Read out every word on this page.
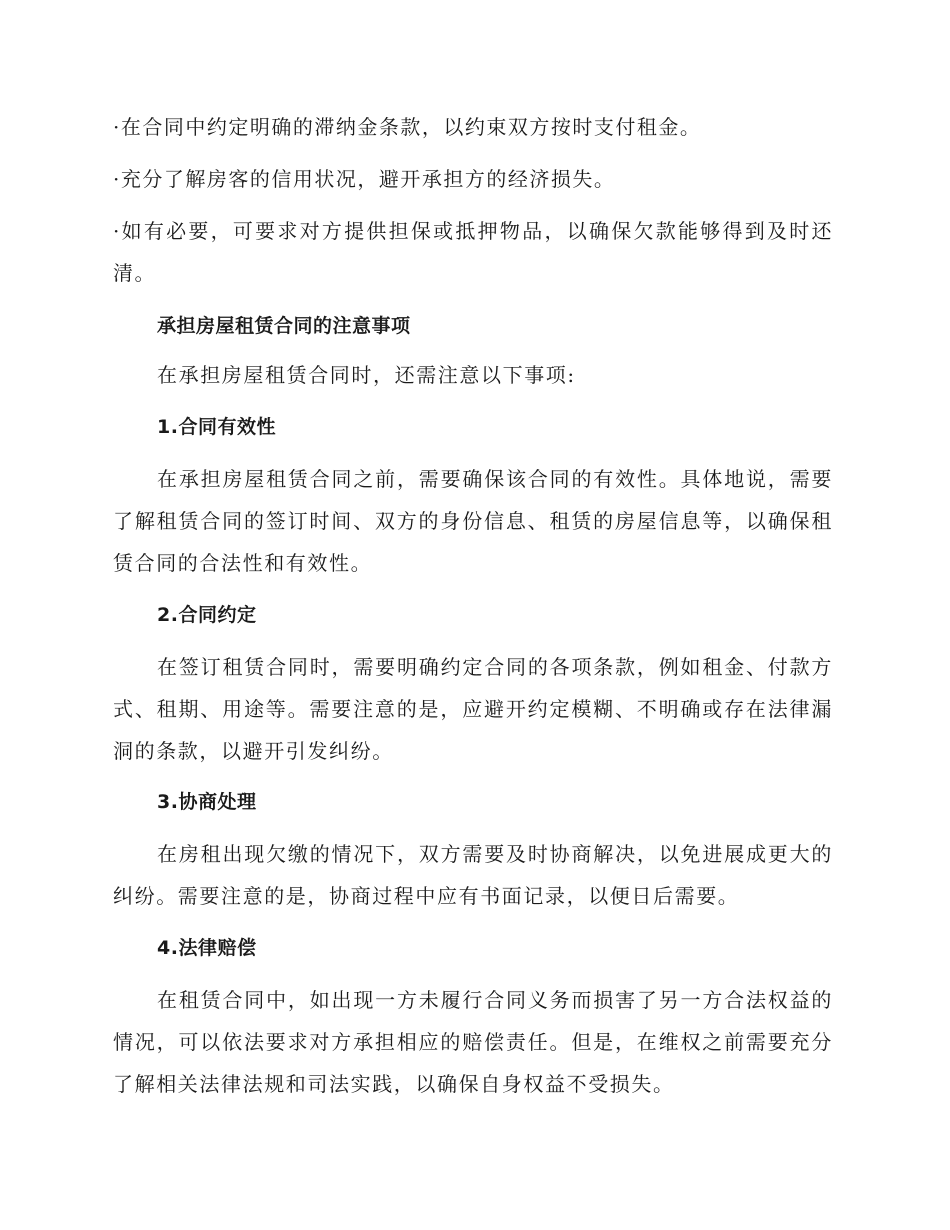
·在合同中约定明确的滞纳金条款，以约束双方按时支付租金。

·充分了解房客的信用状况，避开承担方的经济损失。

·如有必要，可要求对方提供担保或抵押物品，以确保欠款能够得到及时还清。

承担房屋租赁合同的注意事项

在承担房屋租赁合同时，还需注意以下事项:

1.合同有效性

在承担房屋租赁合同之前，需要确保该合同的有效性。具体地说，需要了解租赁合同的签订时间、双方的身份信息、租赁的房屋信息等，以确保租赁合同的合法性和有效性。

2.合同约定

在签订租赁合同时，需要明确约定合同的各项条款，例如租金、付款方式、租期、用途等。需要注意的是，应避开约定模糊、不明确或存在法律漏洞的条款，以避开引发纠纷。

3.协商处理

在房租出现欠缴的情况下，双方需要及时协商解决，以免进展成更大的纠纷。需要注意的是，协商过程中应有书面记录，以便日后需要。

4.法律赔偿

在租赁合同中，如出现一方未履行合同义务而损害了另一方合法权益的情况，可以依法要求对方承担相应的赔偿责任。但是，在维权之前需要充分了解相关法律法规和司法实践，以确保自身权益不受损失。
